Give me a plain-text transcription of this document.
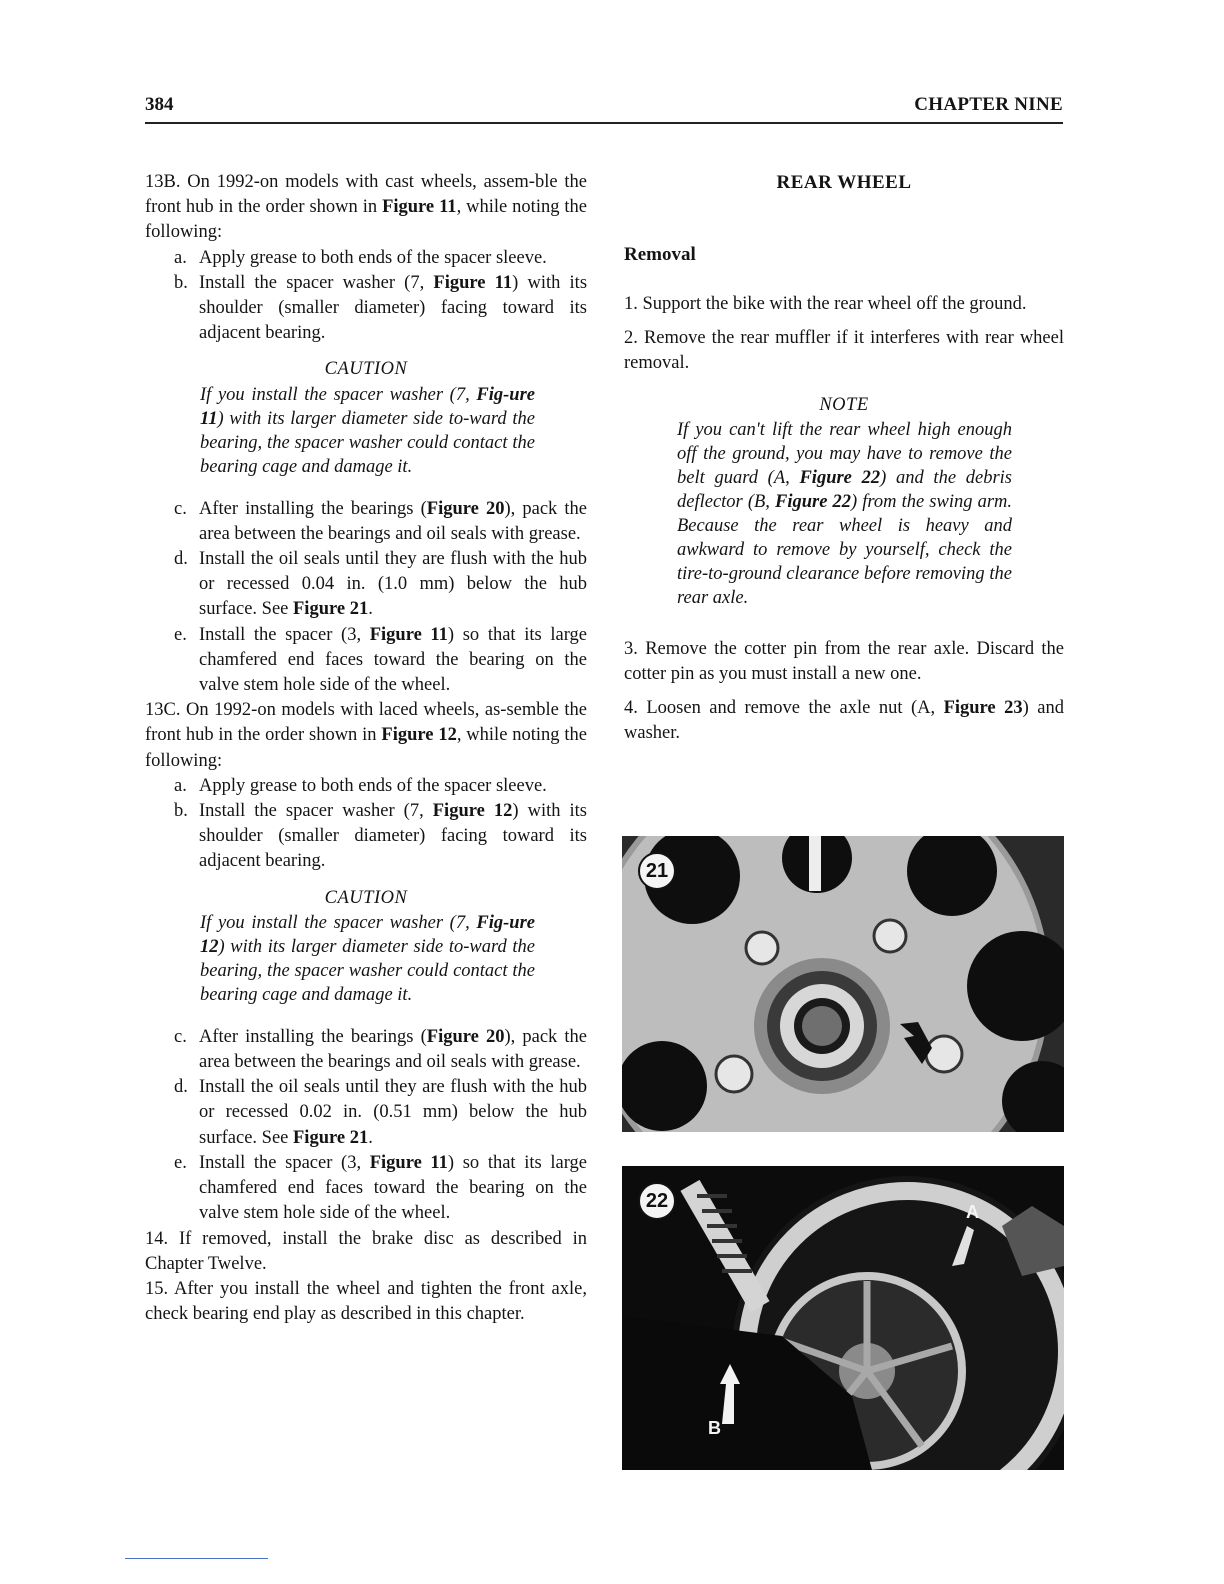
384	CHAPTER NINE

13B. On 1992-on models with cast wheels, assem-ble the front hub in the order shown in Figure 11, while noting the following:

a. Apply grease to both ends of the spacer sleeve.

b. Install the spacer washer (7, Figure 11) with its shoulder (smaller diameter) facing toward its adjacent bearing.

CAUTION

If you install the spacer washer (7, Fig-ure 11) with its larger diameter side to-ward the bearing, the spacer washer could contact the bearing cage and damage it.

c. After installing the bearings (Figure 20), pack the area between the bearings and oil seals with grease.

d. Install the oil seals until they are flush with the hub or recessed 0.04 in. (1.0 mm) below the hub surface. See Figure 21.

e. Install the spacer (3, Figure 11) so that its large chamfered end faces toward the bearing on the valve stem hole side of the wheel.

13C. On 1992-on models with laced wheels, as-semble the front hub in the order shown in Figure 12, while noting the following:

a. Apply grease to both ends of the spacer sleeve.

b. Install the spacer washer (7, Figure 12) with its shoulder (smaller diameter) facing toward its adjacent bearing.

CAUTION

If you install the spacer washer (7, Fig-ure 12) with its larger diameter side to-ward the bearing, the spacer washer could contact the bearing cage and damage it.

c. After installing the bearings (Figure 20), pack the area between the bearings and oil seals with grease.

d. Install the oil seals until they are flush with the hub or recessed 0.02 in. (0.51 mm) below the hub surface. See Figure 21.

e. Install the spacer (3, Figure 11) so that its large chamfered end faces toward the bearing on the valve stem hole side of the wheel.

14. If removed, install the brake disc as described in Chapter Twelve.

15. After you install the wheel and tighten the front axle, check bearing end play as described in this chapter.

REAR WHEEL
Removal

1. Support the bike with the rear wheel off the ground.

2. Remove the rear muffler if it interferes with rear wheel removal.

NOTE

If you can't lift the rear wheel high enough off the ground, you may have to remove the belt guard (A, Figure 22) and the debris deflector (B, Figure 22) from the swing arm. Because the rear wheel is heavy and awkward to remove by yourself, check the tire-to-ground clearance before removing the rear axle.

3. Remove the cotter pin from the rear axle. Discard the cotter pin as you must install a new one.

4. Loosen and remove the axle nut (A, Figure 23) and washer.

21
22	A
B
